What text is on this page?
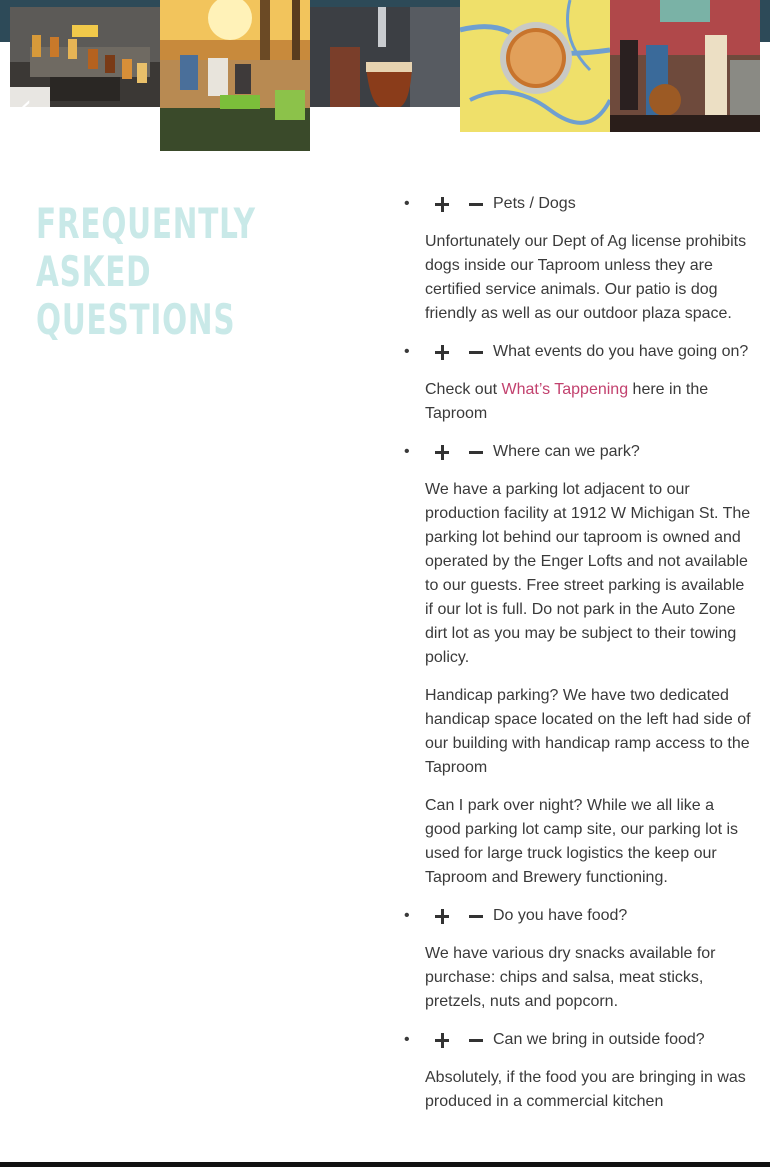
‹
FREQUENTLY
ASKED
QUESTIONS
•	Pets / Dogs

Unfortunately our Dept of Ag license prohibits dogs inside our Taproom unless they are certified service animals. Our patio is dog friendly as well as our outdoor plaza space.

•	What events do you have going on?

Check out What’s Tappening here in the Taproom

•	Where can we park?

We have a parking lot adjacent to our production facility at 1912 W Michigan St. The parking lot behind our taproom is owned and operated by the Enger Lofts and not available to our guests. Free street parking is available if our lot is full. Do not park in the Auto Zone dirt lot as you may be subject to their towing policy.

Handicap parking? We have two dedicated handicap space located on the left had side of our building with handicap ramp access to the Taproom

Can I park over night? While we all like a good parking lot camp site, our parking lot is used for large truck logistics the keep our Taproom and Brewery functioning.

•	Do you have food?

We have various dry snacks available for purchase: chips and salsa, meat sticks, pretzels, nuts and popcorn.

•	Can we bring in outside food?

Absolutely, if the food you are bringing in was produced in a commercial kitchen
